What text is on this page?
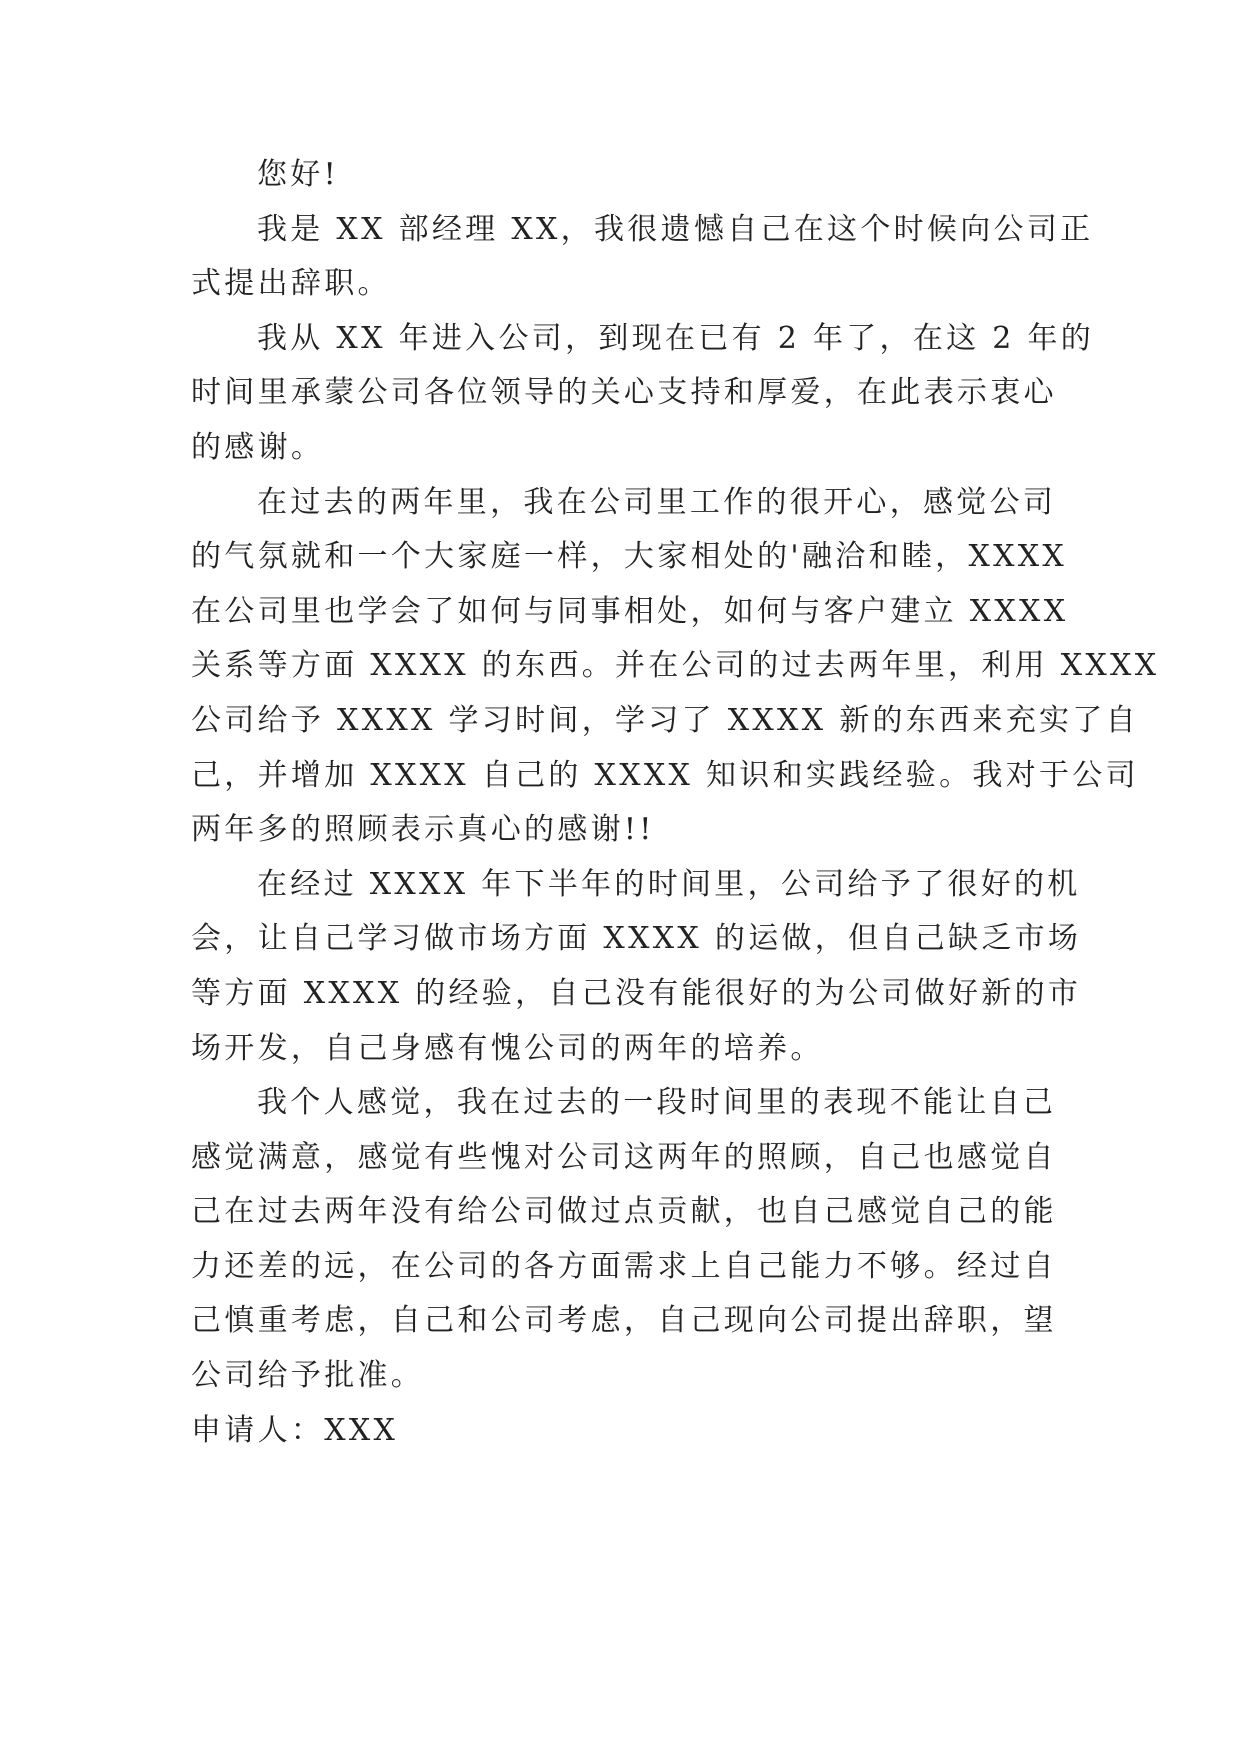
您好!
我是 XX 部经理 XX，我很遗憾自己在这个时候向公司正
式提出辞职。
我从 XX 年进入公司，到现在已有 2 年了，在这 2 年的
时间里承蒙公司各位领导的关心支持和厚爱，在此表示衷心
的感谢。
在过去的两年里，我在公司里工作的很开心，感觉公司
的气氛就和一个大家庭一样，大家相处的'融洽和睦，XXXX
在公司里也学会了如何与同事相处，如何与客户建立 XXXX
关系等方面 XXXX 的东西。并在公司的过去两年里，利用 XXXX
公司给予 XXXX 学习时间，学习了 XXXX 新的东西来充实了自
己，并增加 XXXX 自己的 XXXX 知识和实践经验。我对于公司
两年多的照顾表示真心的感谢!!
在经过 XXXX 年下半年的时间里，公司给予了很好的机
会，让自己学习做市场方面 XXXX 的运做，但自己缺乏市场
等方面 XXXX 的经验，自己没有能很好的为公司做好新的市
场开发，自己身感有愧公司的两年的培养。
我个人感觉，我在过去的一段时间里的表现不能让自己
感觉满意，感觉有些愧对公司这两年的照顾，自己也感觉自
己在过去两年没有给公司做过点贡献，也自己感觉自己的能
力还差的远，在公司的各方面需求上自己能力不够。经过自
己慎重考虑，自己和公司考虑，自己现向公司提出辞职，望
公司给予批准。
申请人：XXX
